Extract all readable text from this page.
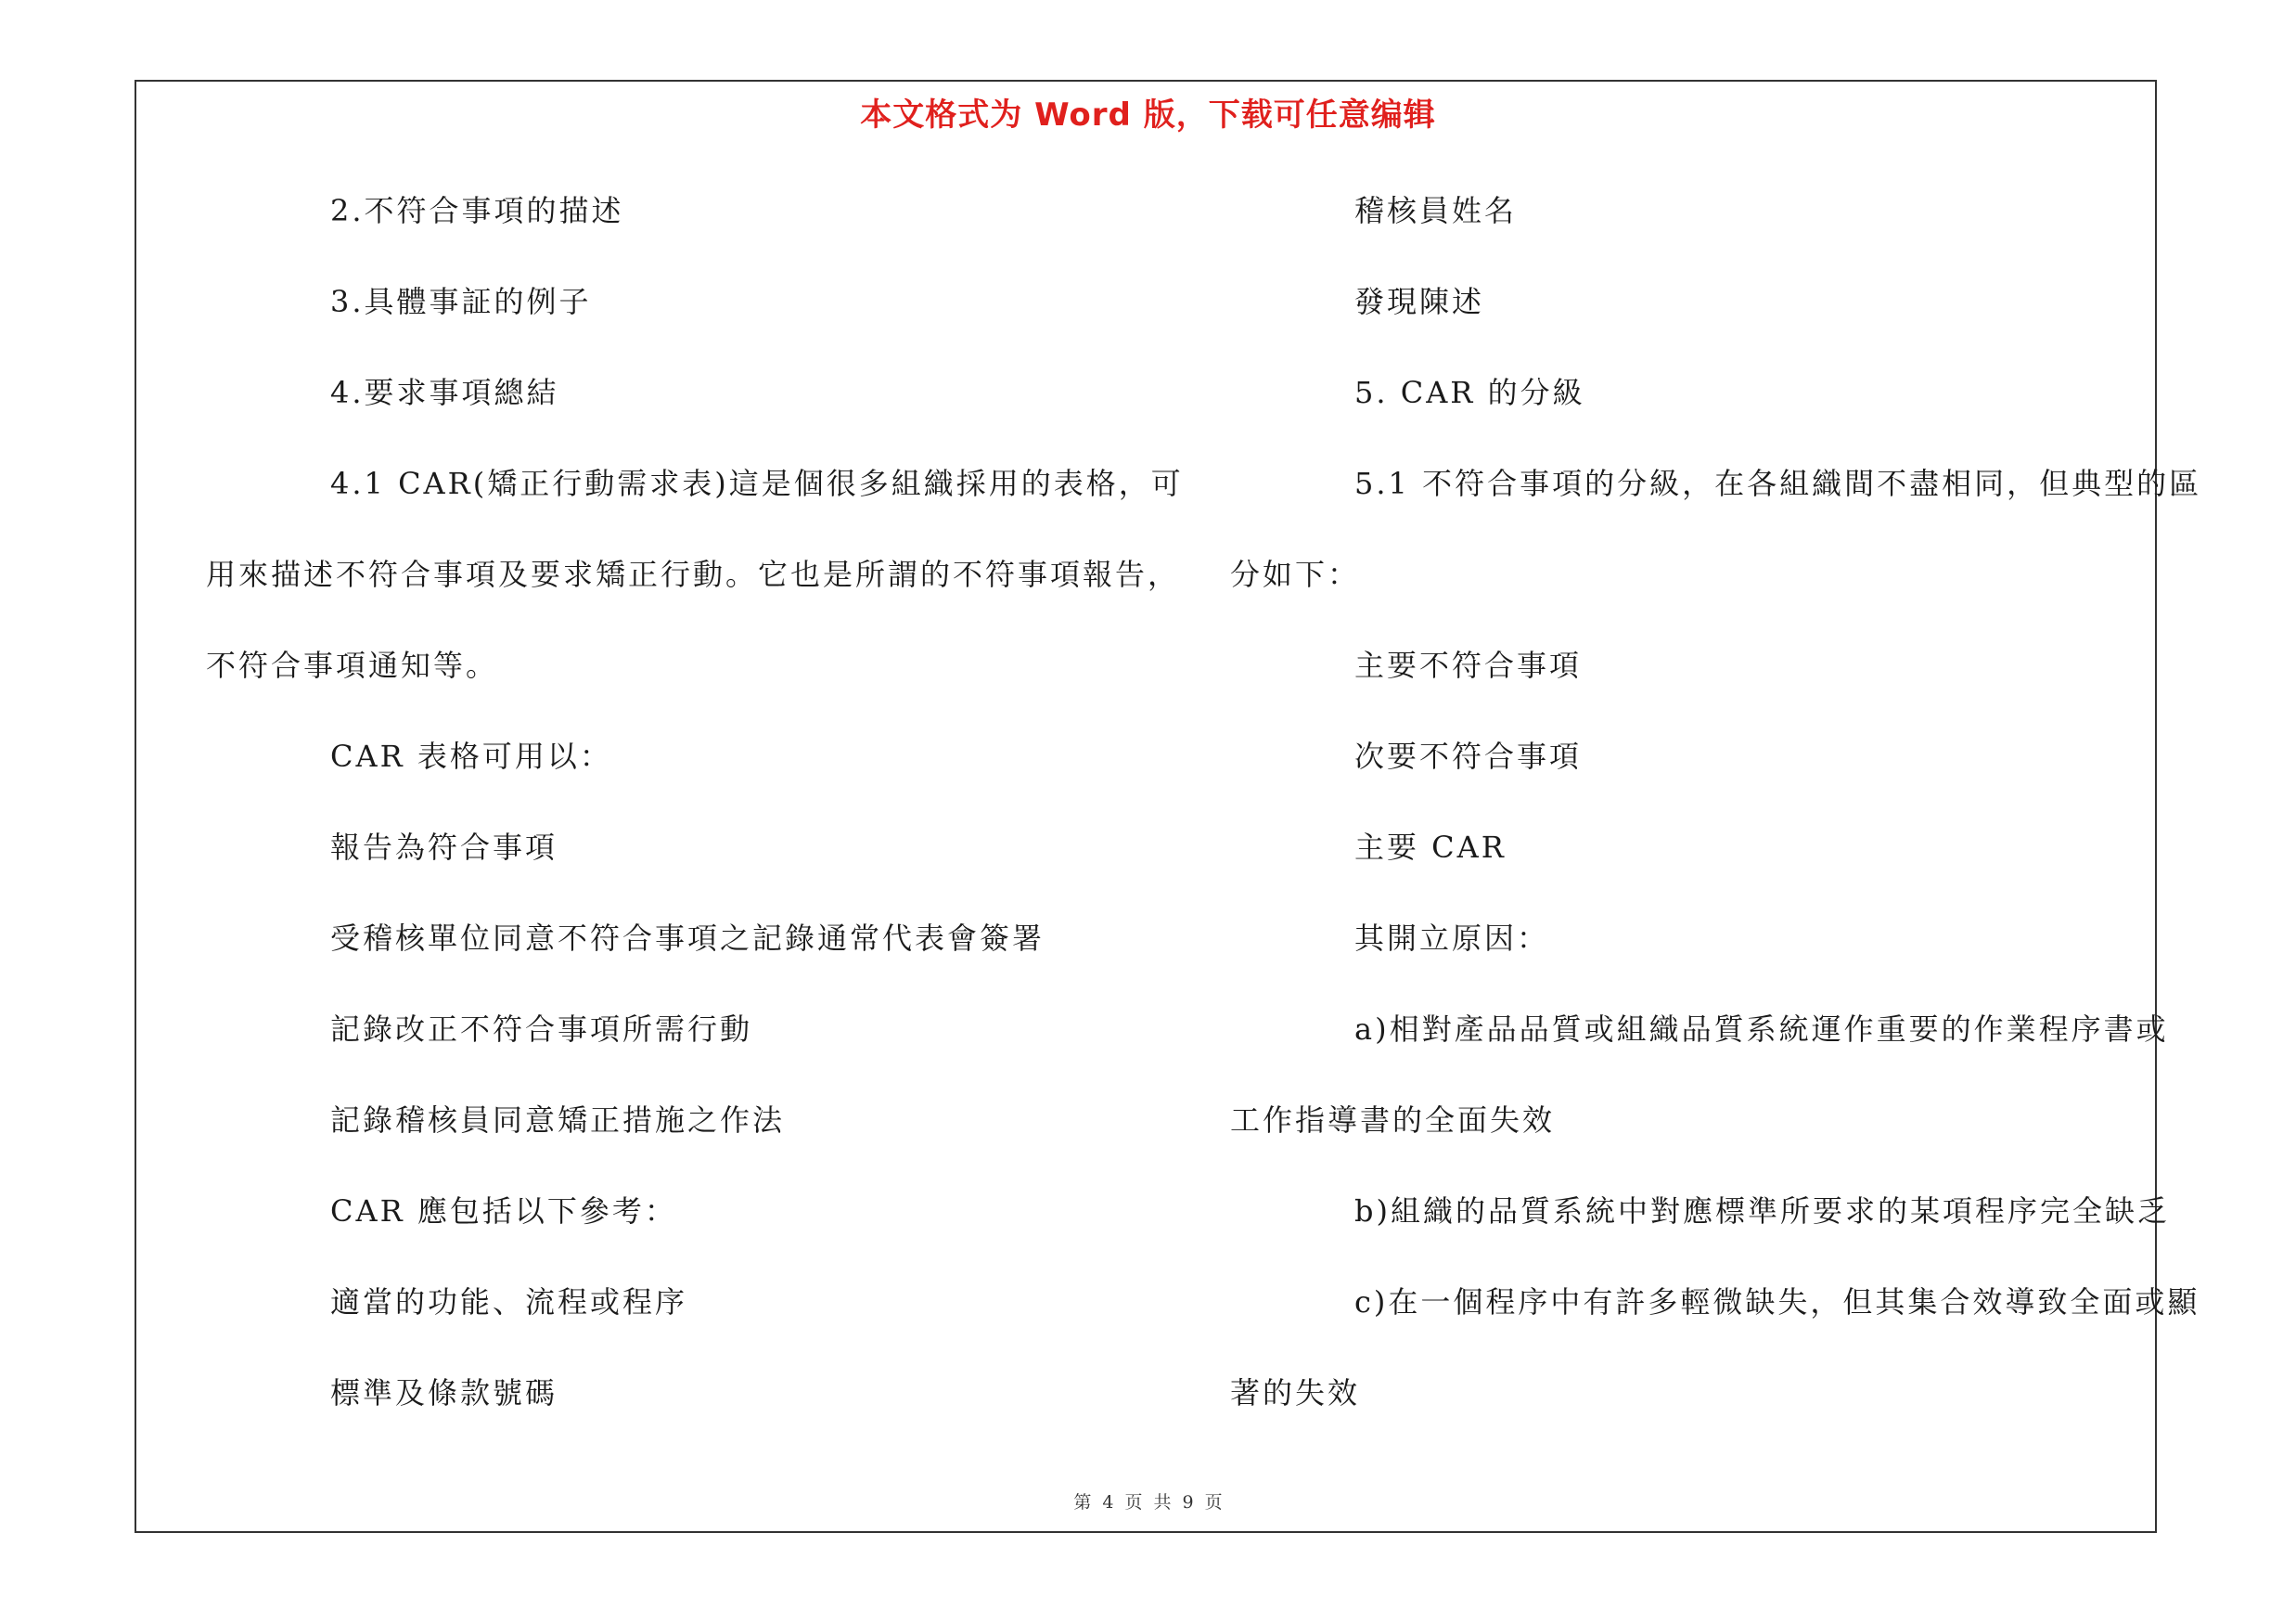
本文格式为 Word 版，下载可任意编辑
2.不符合事項的描述
3.具體事証的例子
4.要求事項總結
4.1 CAR(矯正行動需求表)這是個很多組織採用的表格，可
用來描述不符合事項及要求矯正行動。它也是所謂的不符事項報告，
不符合事項通知等。
CAR 表格可用以：
報告為符合事項
受稽核單位同意不符合事項之記錄通常代表會簽署
記錄改正不符合事項所需行動
記錄稽核員同意矯正措施之作法
CAR 應包括以下參考：
適當的功能、流程或程序
標準及條款號碼
稽核員姓名
發現陳述
5. CAR 的分級
5.1 不符合事項的分級，在各組織間不盡相同，但典型的區
分如下：
主要不符合事項
次要不符合事項
主要 CAR
其開立原因：
a)相對產品品質或組織品質系統運作重要的作業程序書或
工作指導書的全面失效
b)組織的品質系統中對應標準所要求的某項程序完全缺乏
c)在一個程序中有許多輕微缺失，但其集合效導致全面或顯
著的失效
第 4 页 共 9 页
